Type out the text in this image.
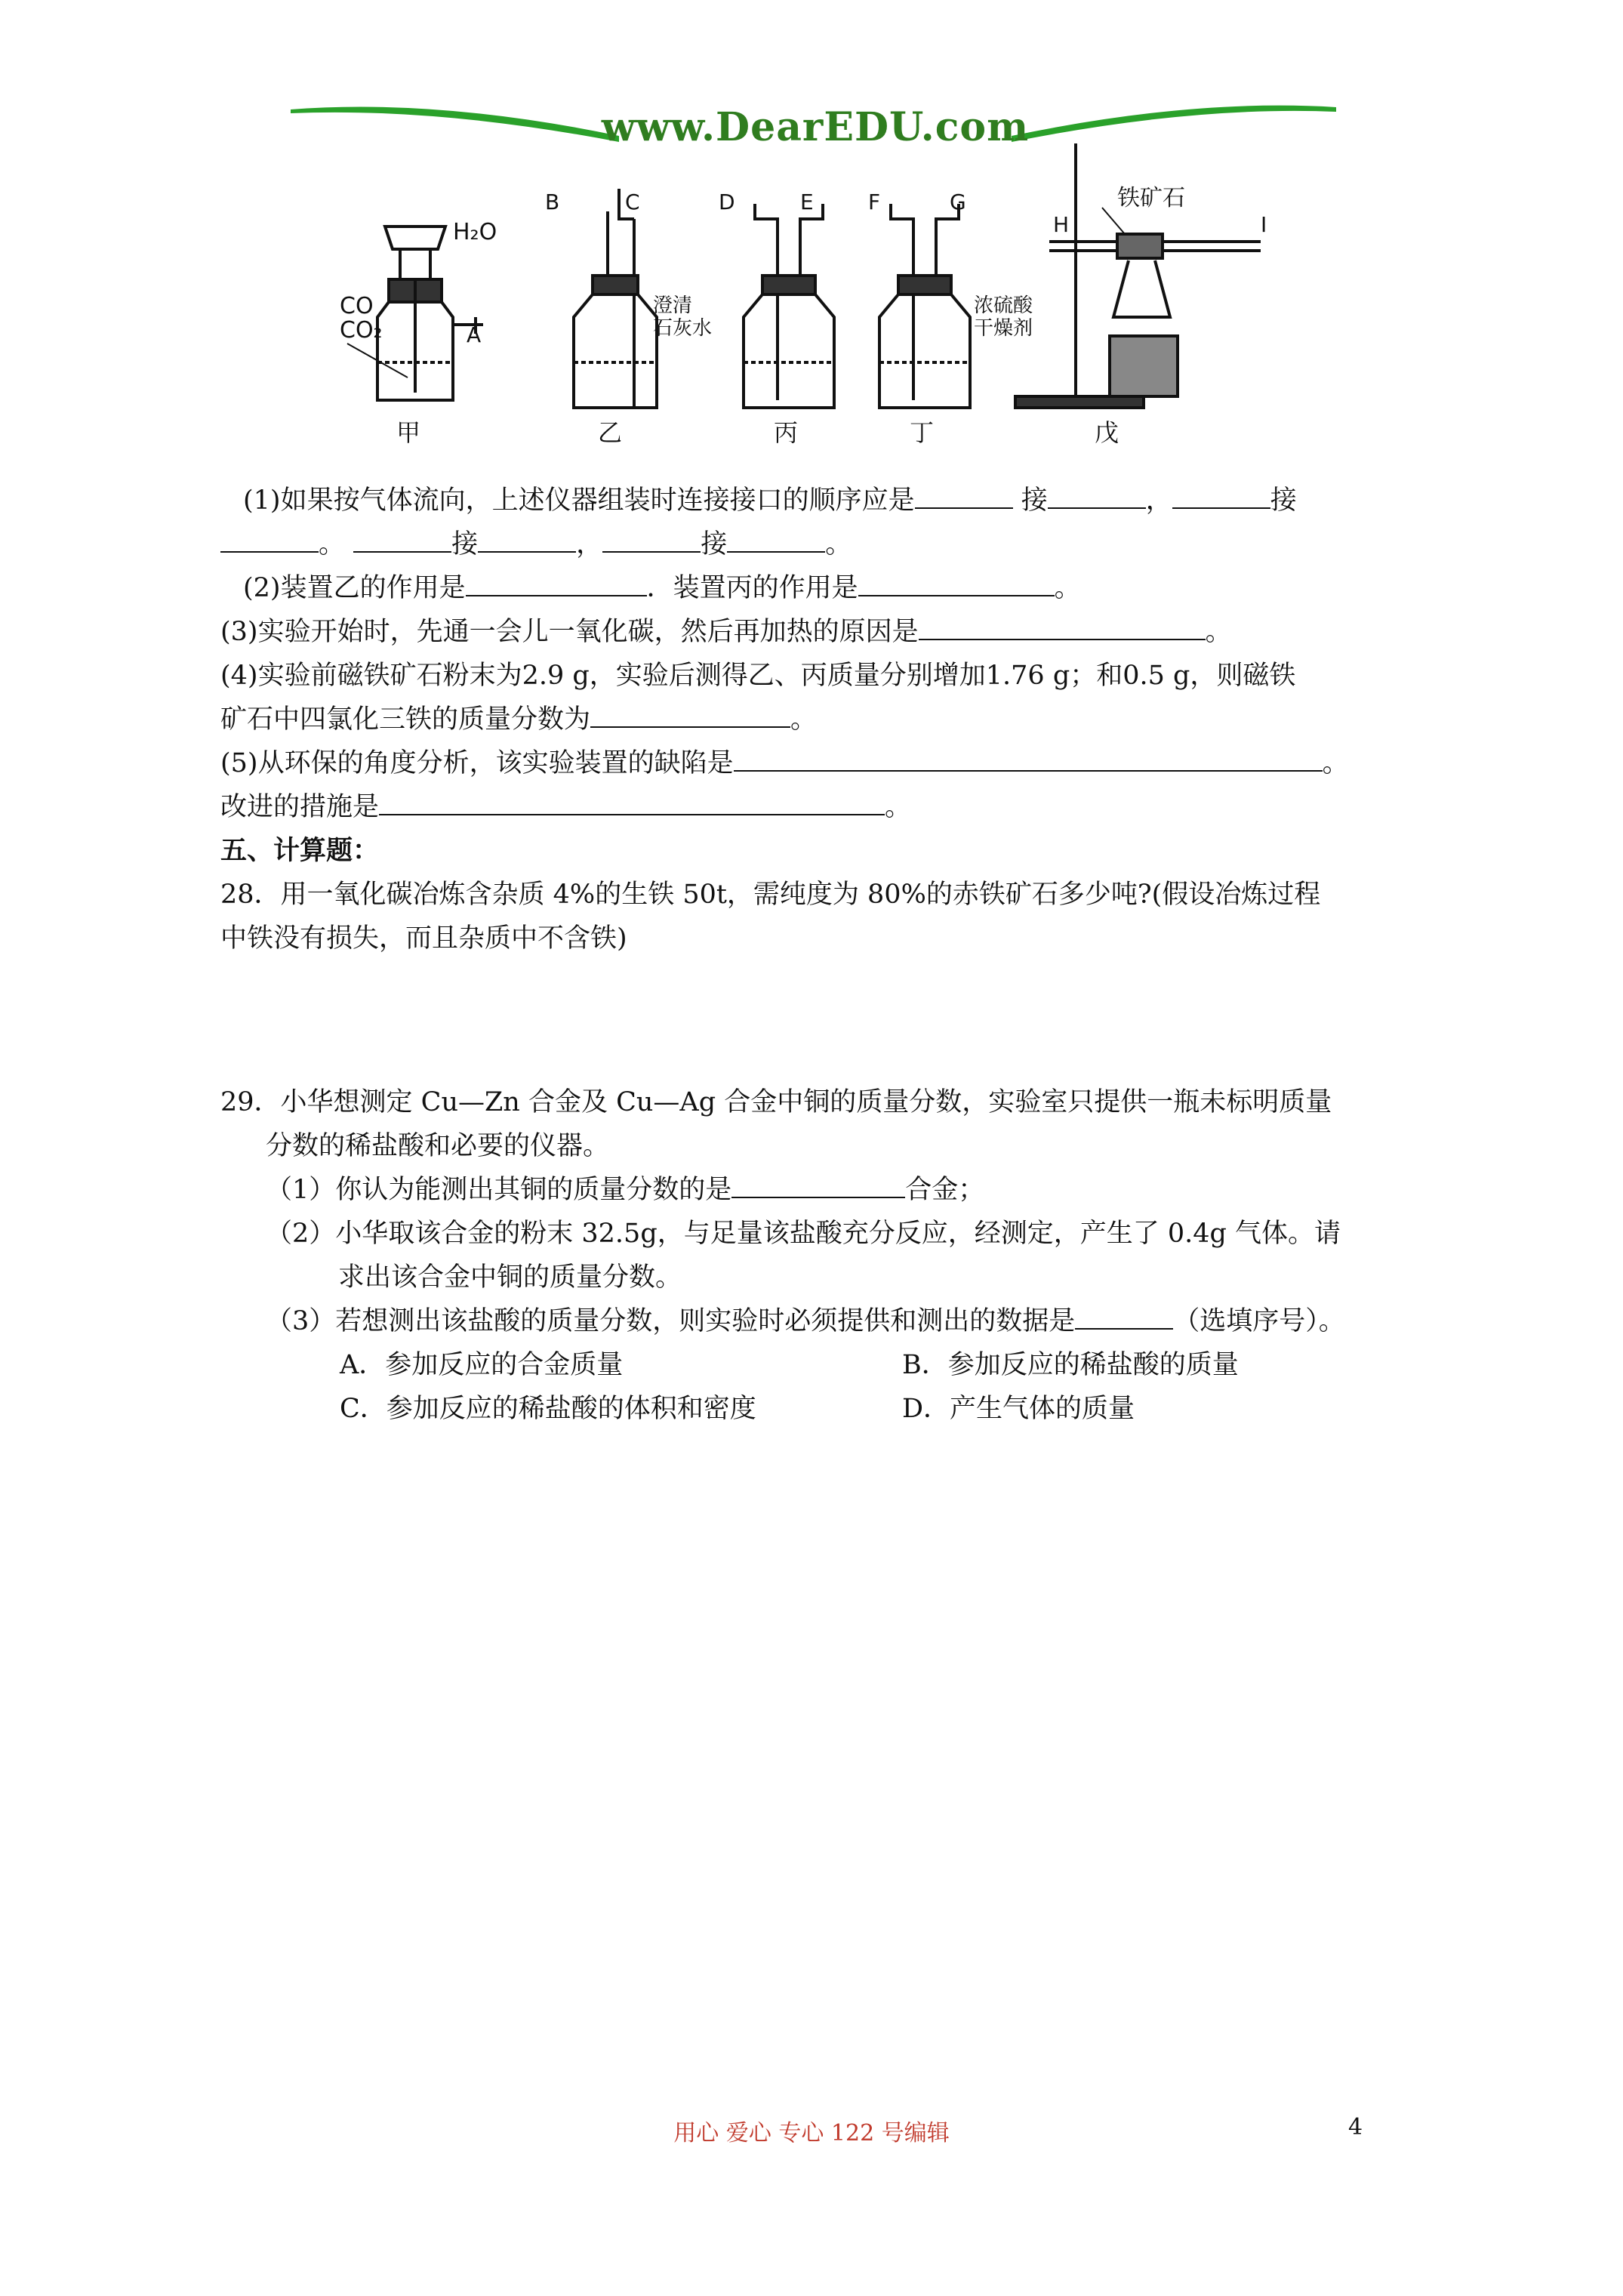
www.DearEDU.com
CO
CO₂
H₂O
A
B	C	D	E	F	G
H	I
澄清
石灰水
浓硫酸
干燥剂
铁矿石
甲	乙	丙	丁	戊
(1)如果按气体流向，上述仪器组装时连接接口的顺序应是	接	，	接
。	接	，	接	。
(2)装置乙的作用是	．装置丙的作用是	。
(3)实验开始时，先通一会儿一氧化碳，然后再加热的原因是	。
(4)实验前磁铁矿石粉末为2.9 g，实验后测得乙、丙质量分别增加1.76 g；和0.5 g，则磁铁
矿石中四氯化三铁的质量分数为	。
(5)从环保的角度分析，该实验装置的缺陷是	。
改进的措施是	。
五、计算题：
28．用一氧化碳冶炼含杂质 4%的生铁 50t，需纯度为 80%的赤铁矿石多少吨?(假设冶炼过程
中铁没有损失，而且杂质中不含铁)
29．小华想测定 Cu—Zn 合金及 Cu—Ag 合金中铜的质量分数，实验室只提供一瓶未标明质量
分数的稀盐酸和必要的仪器。
（1）你认为能测出其铜的质量分数的是	合金；
（2）小华取该合金的粉末 32.5g，与足量该盐酸充分反应，经测定，产生了 0.4g 气体。请
求出该合金中铜的质量分数。
（3）若想测出该盐酸的质量分数，则实验时必须提供和测出的数据是	（选填序号）。
A．参加反应的合金质量	B．参加反应的稀盐酸的质量
C．参加反应的稀盐酸的体积和密度	D．产生气体的质量
用心 爱心 专心 122 号编辑	4
